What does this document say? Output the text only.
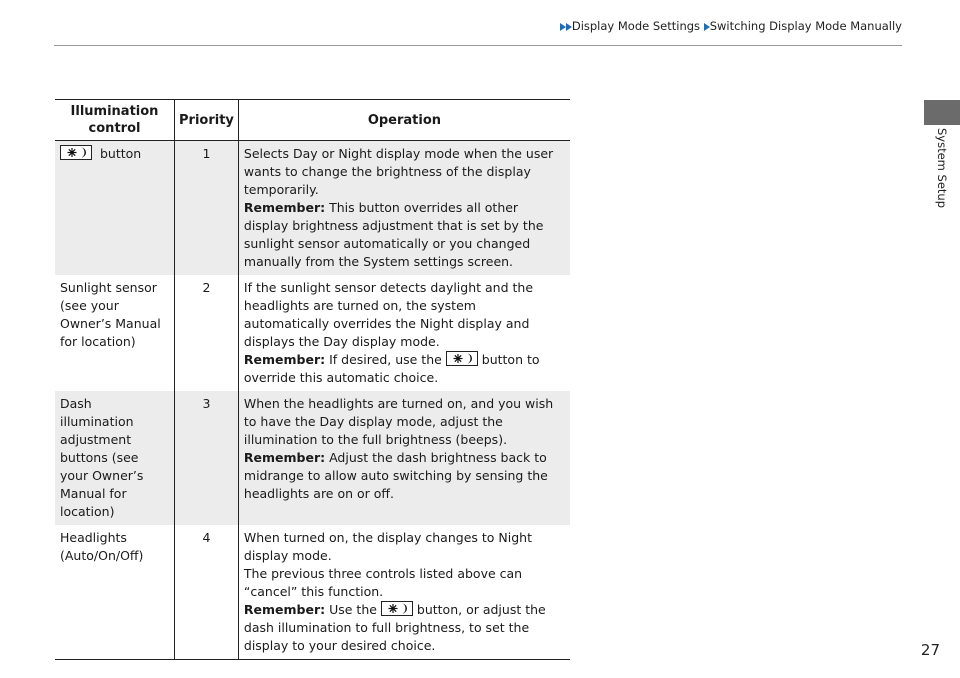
Display Mode Settings Switching Display Mode Manually
System Setup
Illumination control	Priority	Operation

button	1	Selects Day or Night display mode when the user wants to change the brightness of the display temporarily.
Remember: This button overrides all other display brightness adjustment that is set by the sunlight sensor automatically or you changed manually from the System settings screen.
Sunlight sensor (see your Owner’s Manual for location)	2	If the sunlight sensor detects daylight and the headlights are turned on, the system automatically overrides the Night display and displays the Day display mode.
Remember: If desired, use the button to override this automatic choice.
Dash illumination adjustment buttons (see your Owner’s Manual for location)	3	When the headlights are turned on, and you wish to have the Day display mode, adjust the illumination to the full brightness (beeps).
Remember: Adjust the dash brightness back to midrange to allow auto switching by sensing the headlights are on or off.
Headlights (Auto/On/Off)	4	When turned on, the display changes to Night display mode.
The previous three controls listed above can “cancel” this function.
Remember: Use the button, or adjust the dash illumination to full brightness, to set the display to your desired choice.	27
